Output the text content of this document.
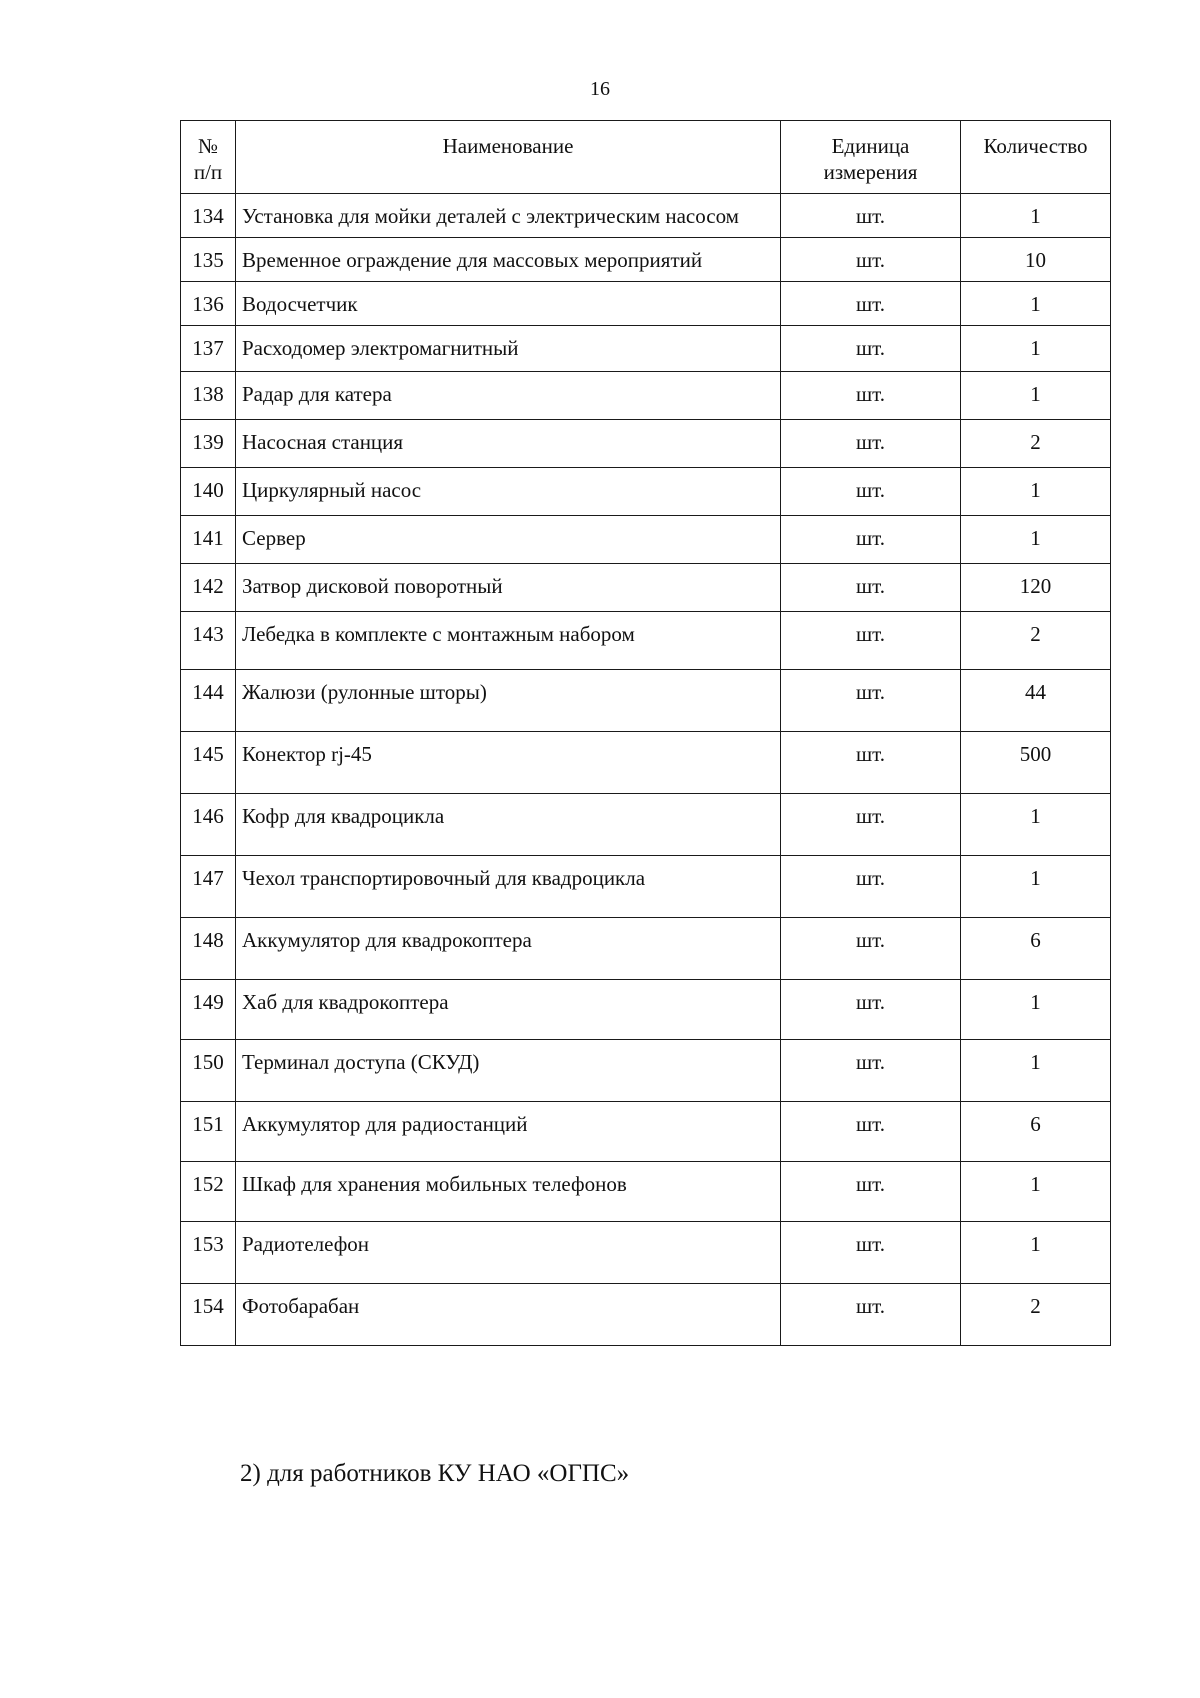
16
№ п/п	Наименование	Единица измерения	Количество
134	Установка для мойки деталей с электрическим насосом	шт.	1
135	Временное ограждение для массовых мероприятий	шт.	10
136	Водосчетчик	шт.	1
137	Расходомер электромагнитный	шт.	1
138	Радар для катера	шт.	1
139	Насосная станция	шт.	2
140	Циркулярный насос	шт.	1
141	Сервер	шт.	1
142	Затвор дисковой поворотный	шт.	120
143	Лебедка в комплекте с монтажным набором	шт.	2
144	Жалюзи (рулонные шторы)	шт.	44
145	Конектор rj-45	шт.	500
146	Кофр для квадроцикла	шт.	1
147	Чехол транспортировочный для квадроцикла	шт.	1
148	Аккумулятор для квадрокоптера	шт.	6
149	Хаб для квадрокоптера	шт.	1
150	Терминал доступа (СКУД)	шт.	1
151	Аккумулятор для радиостанций	шт.	6
152	Шкаф для хранения мобильных телефонов	шт.	1
153	Радиотелефон	шт.	1
154	Фотобарабан	шт.	2
2) для работников КУ НАО «ОГПС»
